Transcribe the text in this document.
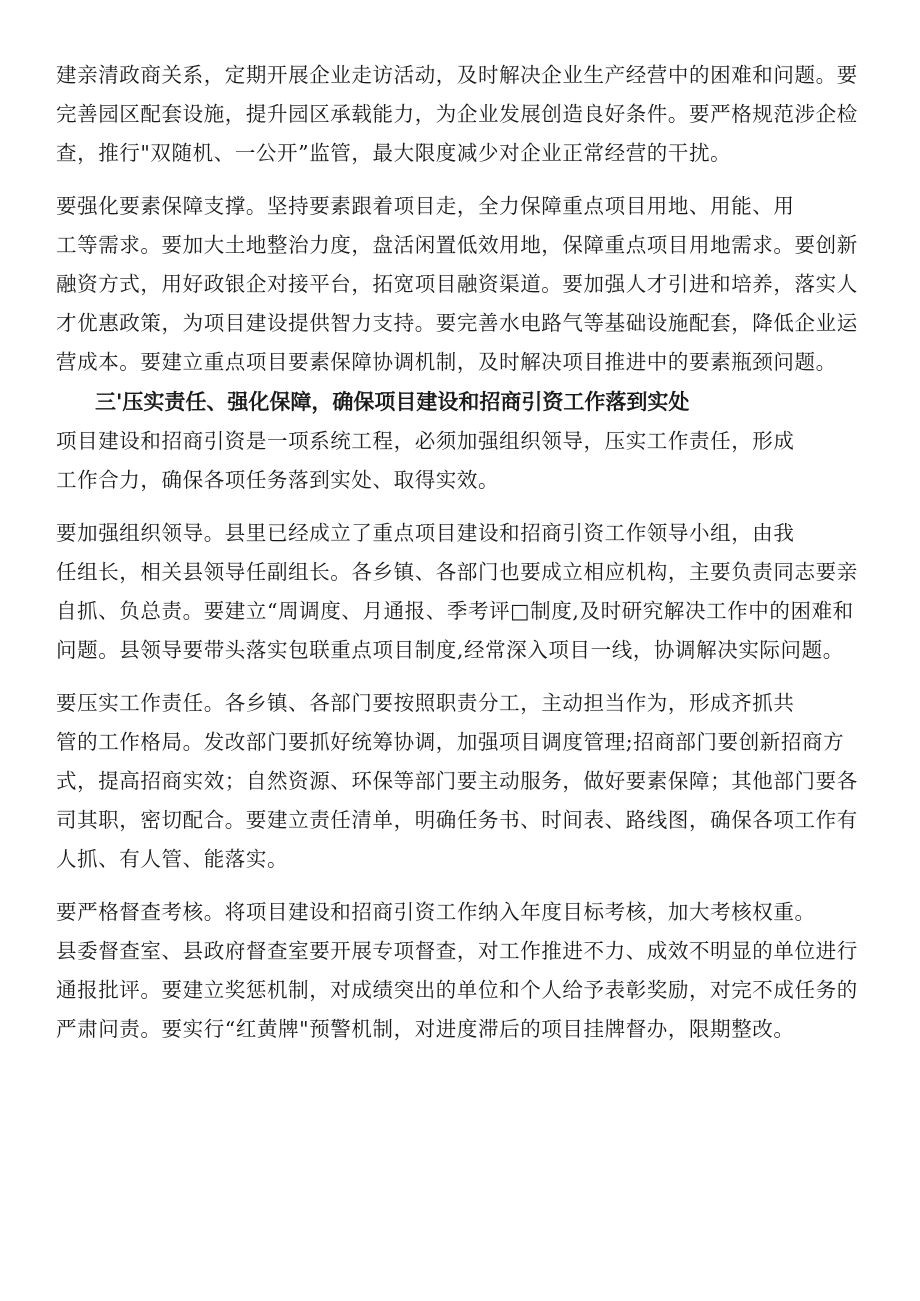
建亲清政商关系，定期开展企业走访活动，及时解决企业生产经营中的困难和问题。要
完善园区配套设施，提升园区承载能力，为企业发展创造良好条件。要严格规范涉企检
查，推行"双随机、一公开”监管，最大限度减少对企业正常经营的干扰。
要强化要素保障支撑。坚持要素跟着项目走，全力保障重点项目用地、用能、用
工等需求。要加大土地整治力度，盘活闲置低效用地，保障重点项目用地需求。要创新
融资方式，用好政银企对接平台，拓宽项目融资渠道。要加强人才引进和培养，落实人
才优惠政策，为项目建设提供智力支持。要完善水电路气等基础设施配套，降低企业运
营成本。要建立重点项目要素保障协调机制，及时解决项目推进中的要素瓶颈问题。
三'压实责任、强化保障，确保项目建设和招商引资工作落到实处
项目建设和招商引资是一项系统工程，必须加强组织领导，压实工作责任，形成
工作合力，确保各项任务落到实处、取得实效。
要加强组织领导。县里已经成立了重点项目建设和招商引资工作领导小组，由我
任组长，相关县领导任副组长。各乡镇、各部门也要成立相应机构，主要负责同志要亲
自抓、负总责。要建立“周调度、月通报、季考评□制度,及时研究解决工作中的困难和
问题。县领导要带头落实包联重点项目制度,经常深入项目一线，协调解决实际问题。
要压实工作责任。各乡镇、各部门要按照职责分工，主动担当作为，形成齐抓共
管的工作格局。发改部门要抓好统筹协调，加强项目调度管理;招商部门要创新招商方
式，提高招商实效；自然资源、环保等部门要主动服务，做好要素保障；其他部门要各
司其职，密切配合。要建立责任清单，明确任务书、时间表、路线图，确保各项工作有
人抓、有人管、能落实。
要严格督查考核。将项目建设和招商引资工作纳入年度目标考核，加大考核权重。
县委督查室、县政府督查室要开展专项督查，对工作推进不力、成效不明显的单位进行
通报批评。要建立奖惩机制，对成绩突出的单位和个人给予表彰奖励，对完不成任务的
严肃问责。要实行“红黄牌"预警机制，对进度滞后的项目挂牌督办，限期整改。
